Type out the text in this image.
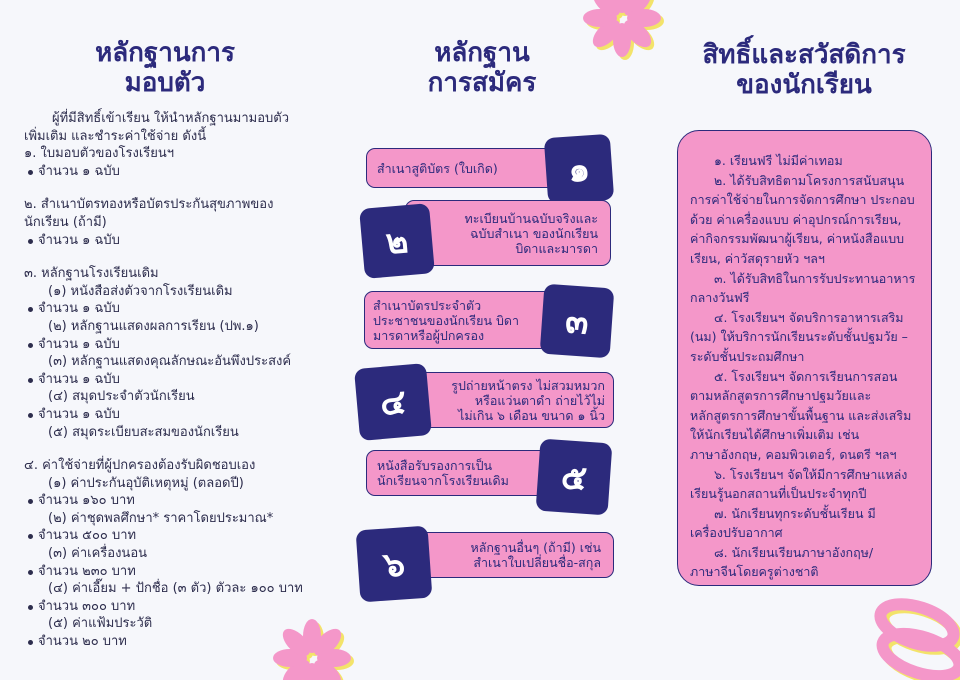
หลักฐานการ
มอบตัว
ผู้ที่มีสิทธิ์เข้าเรียน ให้นำหลักฐานมามอบตัว
เพิ่มเติม และชำระค่าใช้จ่าย ดังนี้
๑. ใบมอบตัวของโรงเรียนฯ
จำนวน ๑ ฉบับ
๒. สำเนาบัตรทองหรือบัตรประกันสุขภาพของ
นักเรียน (ถ้ามี)
จำนวน ๑ ฉบับ
๓. หลักฐานโรงเรียนเดิม
(๑) หนังสือส่งตัวจากโรงเรียนเดิม
จำนวน ๑ ฉบับ
(๒) หลักฐานแสดงผลการเรียน (ปพ.๑)
จำนวน ๑ ฉบับ
(๓) หลักฐานแสดงคุณลักษณะอันพึงประสงค์
จำนวน ๑ ฉบับ
(๔) สมุดประจำตัวนักเรียน
จำนวน ๑ ฉบับ
(๕) สมุดระเบียบสะสมของนักเรียน
๔. ค่าใช้จ่ายที่ผู้ปกครองต้องรับผิดชอบเอง
(๑) ค่าประกันอุบัติเหตุหมู่ (ตลอดปี)
จำนวน ๑๖๐ บาท
(๒) ค่าชุดพลศึกษา* ราคาโดยประมาณ*
จำนวน ๕๐๐ บาท
(๓) ค่าเครื่องนอน
จำนวน ๒๓๐ บาท
(๔) ค่าเอี๊ยม + ปักชื่อ (๓ ตัว) ตัวละ ๑๐๐ บาท
จำนวน ๓๐๐ บาท
(๕) ค่าแฟ้มประวัติ
จำนวน ๒๐ บาท
หลักฐาน
การสมัคร
สำเนาสูติบัตร (ใบเกิด) ๑
ทะเบียนบ้านฉบับจริงและ
ฉบับสำเนา ของนักเรียน
บิดาและมารดา
๒
สำเนาบัตรประจำตัว
ประชาชนของนักเรียน บิดา
มารดาหรือผู้ปกครอง	๓
รูปถ่ายหน้าตรง ไม่สวมหมวก
หรือแว่นตาดำ ถ่ายไว้ไม่
ไม่เกิน ๖ เดือน ขนาด ๑ นิ้ว
๔
หนังสือรับรองการเป็น
นักเรียนจากโรงเรียนเดิม ๕
หลักฐานอื่นๆ (ถ้ามี) เช่น
สำเนาใบเปลี่ยนชื่อ-สกุล
๖
สิทธิ์และสวัสดิการ
ของนักเรียน
๑. เรียนฟรี ไม่มีค่าเทอม
๒. ได้รับสิทธิตามโครงการสนับสนุน
การค่าใช้จ่ายในการจัดการศึกษา ประกอบ
ด้วย ค่าเครื่องแบบ ค่าอุปกรณ์การเรียน,
ค่ากิจกรรมพัฒนาผู้เรียน, ค่าหนังสือแบบ
เรียน, ค่าวัสดุรายหัว ฯลฯ
๓. ได้รับสิทธิในการรับประทานอาหาร
กลางวันฟรี
๔. โรงเรียนฯ จัดบริการอาหารเสริม
(นม) ให้บริการนักเรียนระดับชั้นปฐมวัย –
ระดับชั้นประถมศึกษา
๕. โรงเรียนฯ จัดการเรียนการสอน
ตามหลักสูตรการศึกษาปฐมวัยและ
หลักสูตรการศึกษาขั้นพื้นฐาน และส่งเสริม
ให้นักเรียนได้ศึกษาเพิ่มเติม เช่น
ภาษาอังกฤษ, คอมพิวเตอร์, ดนตรี ฯลฯ
๖. โรงเรียนฯ จัดให้มีการศึกษาแหล่ง
เรียนรู้นอกสถานที่เป็นประจำทุกปี
๗. นักเรียนทุกระดับชั้นเรียน มี
เครื่องปรับอากาศ
๘. นักเรียนเรียนภาษาอังกฤษ/
ภาษาจีนโดยครูต่างชาติ
